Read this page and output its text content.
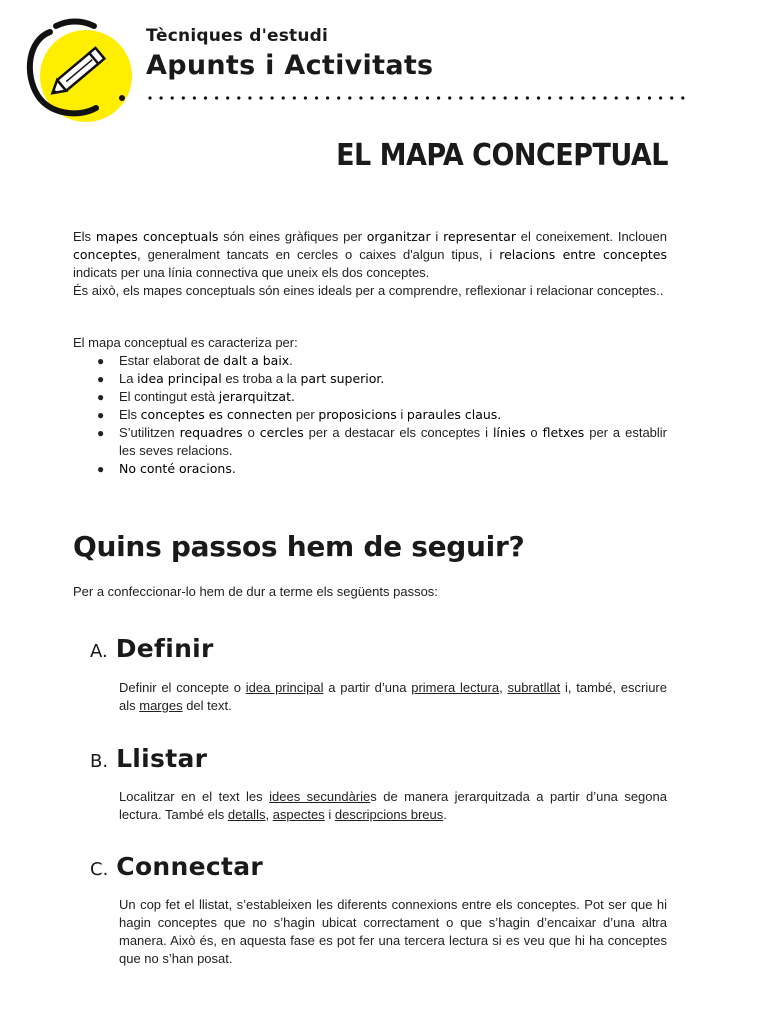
Tècniques d'estudi
Apunts i Activitats
EL MAPA CONCEPTUAL

Els mapes conceptuals són eines gràfiques per organitzar i representar el coneixement. Inclouen conceptes, generalment tancats en cercles o caixes d'algun tipus, i relacions entre conceptes indicats per una línia connectiva que uneix els dos conceptes.

És això, els mapes conceptuals són eines ideals per a comprendre, reflexionar i relacionar conceptes..

El mapa conceptual es caracteriza per:
● Estar elaborat de dalt a baix.
● La idea principal es troba a la part superior.
● El contingut està jerarquitzat.
● Els conceptes es connecten per proposicions i paraules claus.
● S’utilitzen requadres o cercles per a destacar els conceptes i línies o fletxes per a establir les seves relacions.
● No conté oracions.
Quins passos hem de seguir?
Per a confeccionar-lo hem de dur a terme els següents passos:
A. Definir
Definir el concepte o idea principal a partir d’una primera lectura, subratllat i, també, escriure als marges del text.
B. Llistar
Localitzar en el text les idees secundàries de manera jerarquitzada a partir d’una segona lectura. També els detalls, aspectes i descripcions breus.
C. Connectar
Un cop fet el llistat, s’estableixen les diferents connexions entre els conceptes. Pot ser que hi hagin conceptes que no s’hagin ubicat correctament o que s’hagin d’encaixar d’una altra manera. Això és, en aquesta fase es pot fer una tercera lectura si es veu que hi ha conceptes que no s’han posat.
